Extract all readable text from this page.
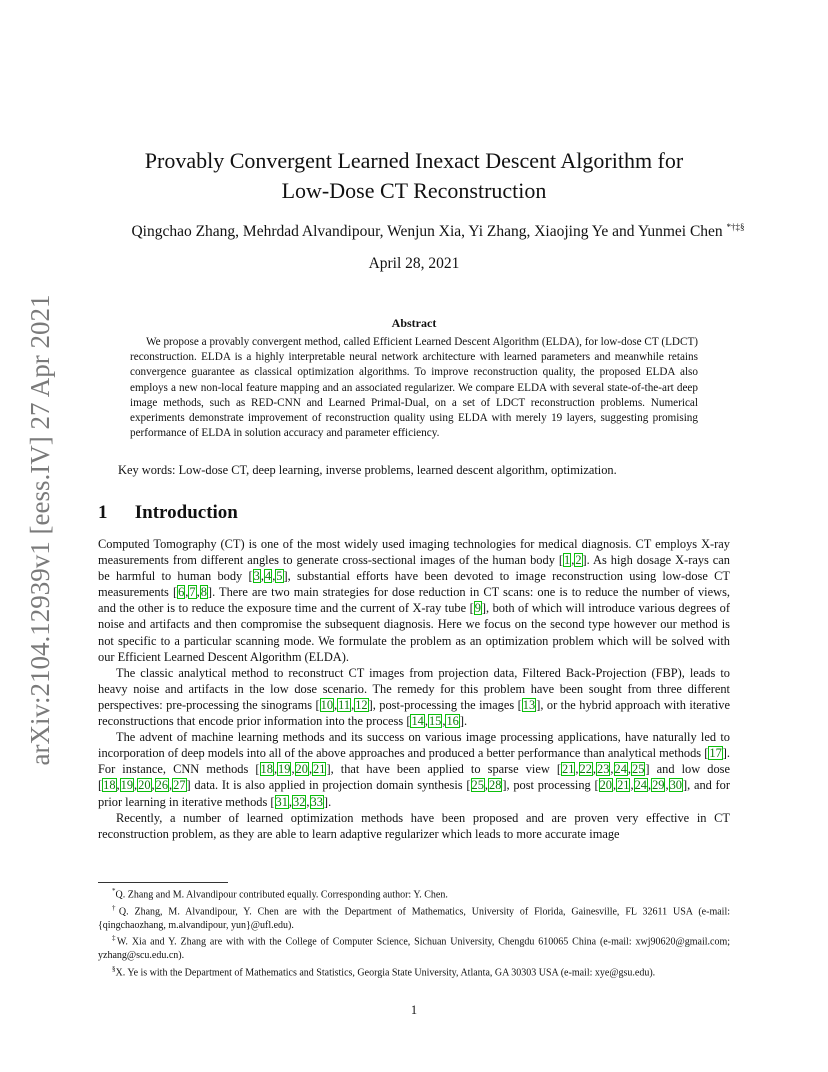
arXiv:2104.12939v1 [eess.IV] 27 Apr 2021
Provably Convergent Learned Inexact Descent Algorithm for
Low-Dose CT Reconstruction
Qingchao Zhang, Mehrdad Alvandipour, Wenjun Xia, Yi Zhang, Xiaojing Ye and Yunmei Chen *†‡§
April 28, 2021
Abstract
We propose a provably convergent method, called Efficient Learned Descent Algorithm (ELDA), for low-dose CT (LDCT) reconstruction. ELDA is a highly interpretable neural network architecture with learned parameters and meanwhile retains convergence guarantee as classical optimization algorithms. To improve reconstruction quality, the proposed ELDA also employs a new non-local feature mapping and an associated regularizer. We compare ELDA with several state-of-the-art deep image methods, such as RED-CNN and Learned Primal-Dual, on a set of LDCT reconstruction problems. Numerical experiments demonstrate improvement of reconstruction quality using ELDA with merely 19 layers, suggesting promising performance of ELDA in solution accuracy and parameter efficiency.
Key words: Low-dose CT, deep learning, inverse problems, learned descent algorithm, optimization.
1 Introduction

Computed Tomography (CT) is one of the most widely used imaging technologies for medical diagnosis. CT employs X-ray measurements from different angles to generate cross-sectional images of the human body [1,2]. As high dosage X-rays can be harmful to human body [3,4,5], substantial efforts have been devoted to image reconstruction using low-dose CT measurements [6,7,8]. There are two main strategies for dose reduction in CT scans: one is to reduce the number of views, and the other is to reduce the exposure time and the current of X-ray tube [9], both of which will introduce various degrees of noise and artifacts and then compromise the subsequent diagnosis. Here we focus on the second type however our method is not specific to a particular scanning mode. We formulate the problem as an optimization problem which will be solved with our Efficient Learned Descent Algorithm (ELDA).

The classic analytical method to reconstruct CT images from projection data, Filtered Back-Projection (FBP), leads to heavy noise and artifacts in the low dose scenario. The remedy for this problem have been sought from three different perspectives: pre-processing the sinograms [10,11,12], post-processing the images [13], or the hybrid approach with iterative reconstructions that encode prior information into the process [14,15,16].

The advent of machine learning methods and its success on various image processing applications, have naturally led to incorporation of deep models into all of the above approaches and produced a better performance than analytical methods [17]. For instance, CNN methods [18,19,20,21], that have been applied to sparse view [21,22,23,24,25] and low dose [18,19,20,26,27] data. It is also applied in projection domain synthesis [25,28], post processing [20,21,24,29,30], and for prior learning in iterative methods [31,32,33].

Recently, a number of learned optimization methods have been proposed and are proven very effective in CT reconstruction problem, as they are able to learn adaptive regularizer which leads to more accurate image

*Q. Zhang and M. Alvandipour contributed equally. Corresponding author: Y. Chen.

†Q. Zhang, M. Alvandipour, Y. Chen are with the Department of Mathematics, University of Florida, Gainesville, FL 32611 USA (e-mail: {qingchaozhang, m.alvandipour, yun}@ufl.edu).

‡W. Xia and Y. Zhang are with with the College of Computer Science, Sichuan University, Chengdu 610065 China (e-mail: xwj90620@gmail.com; yzhang@scu.edu.cn).

§X. Ye is with the Department of Mathematics and Statistics, Georgia State University, Atlanta, GA 30303 USA (e-mail: xye@gsu.edu).

1
